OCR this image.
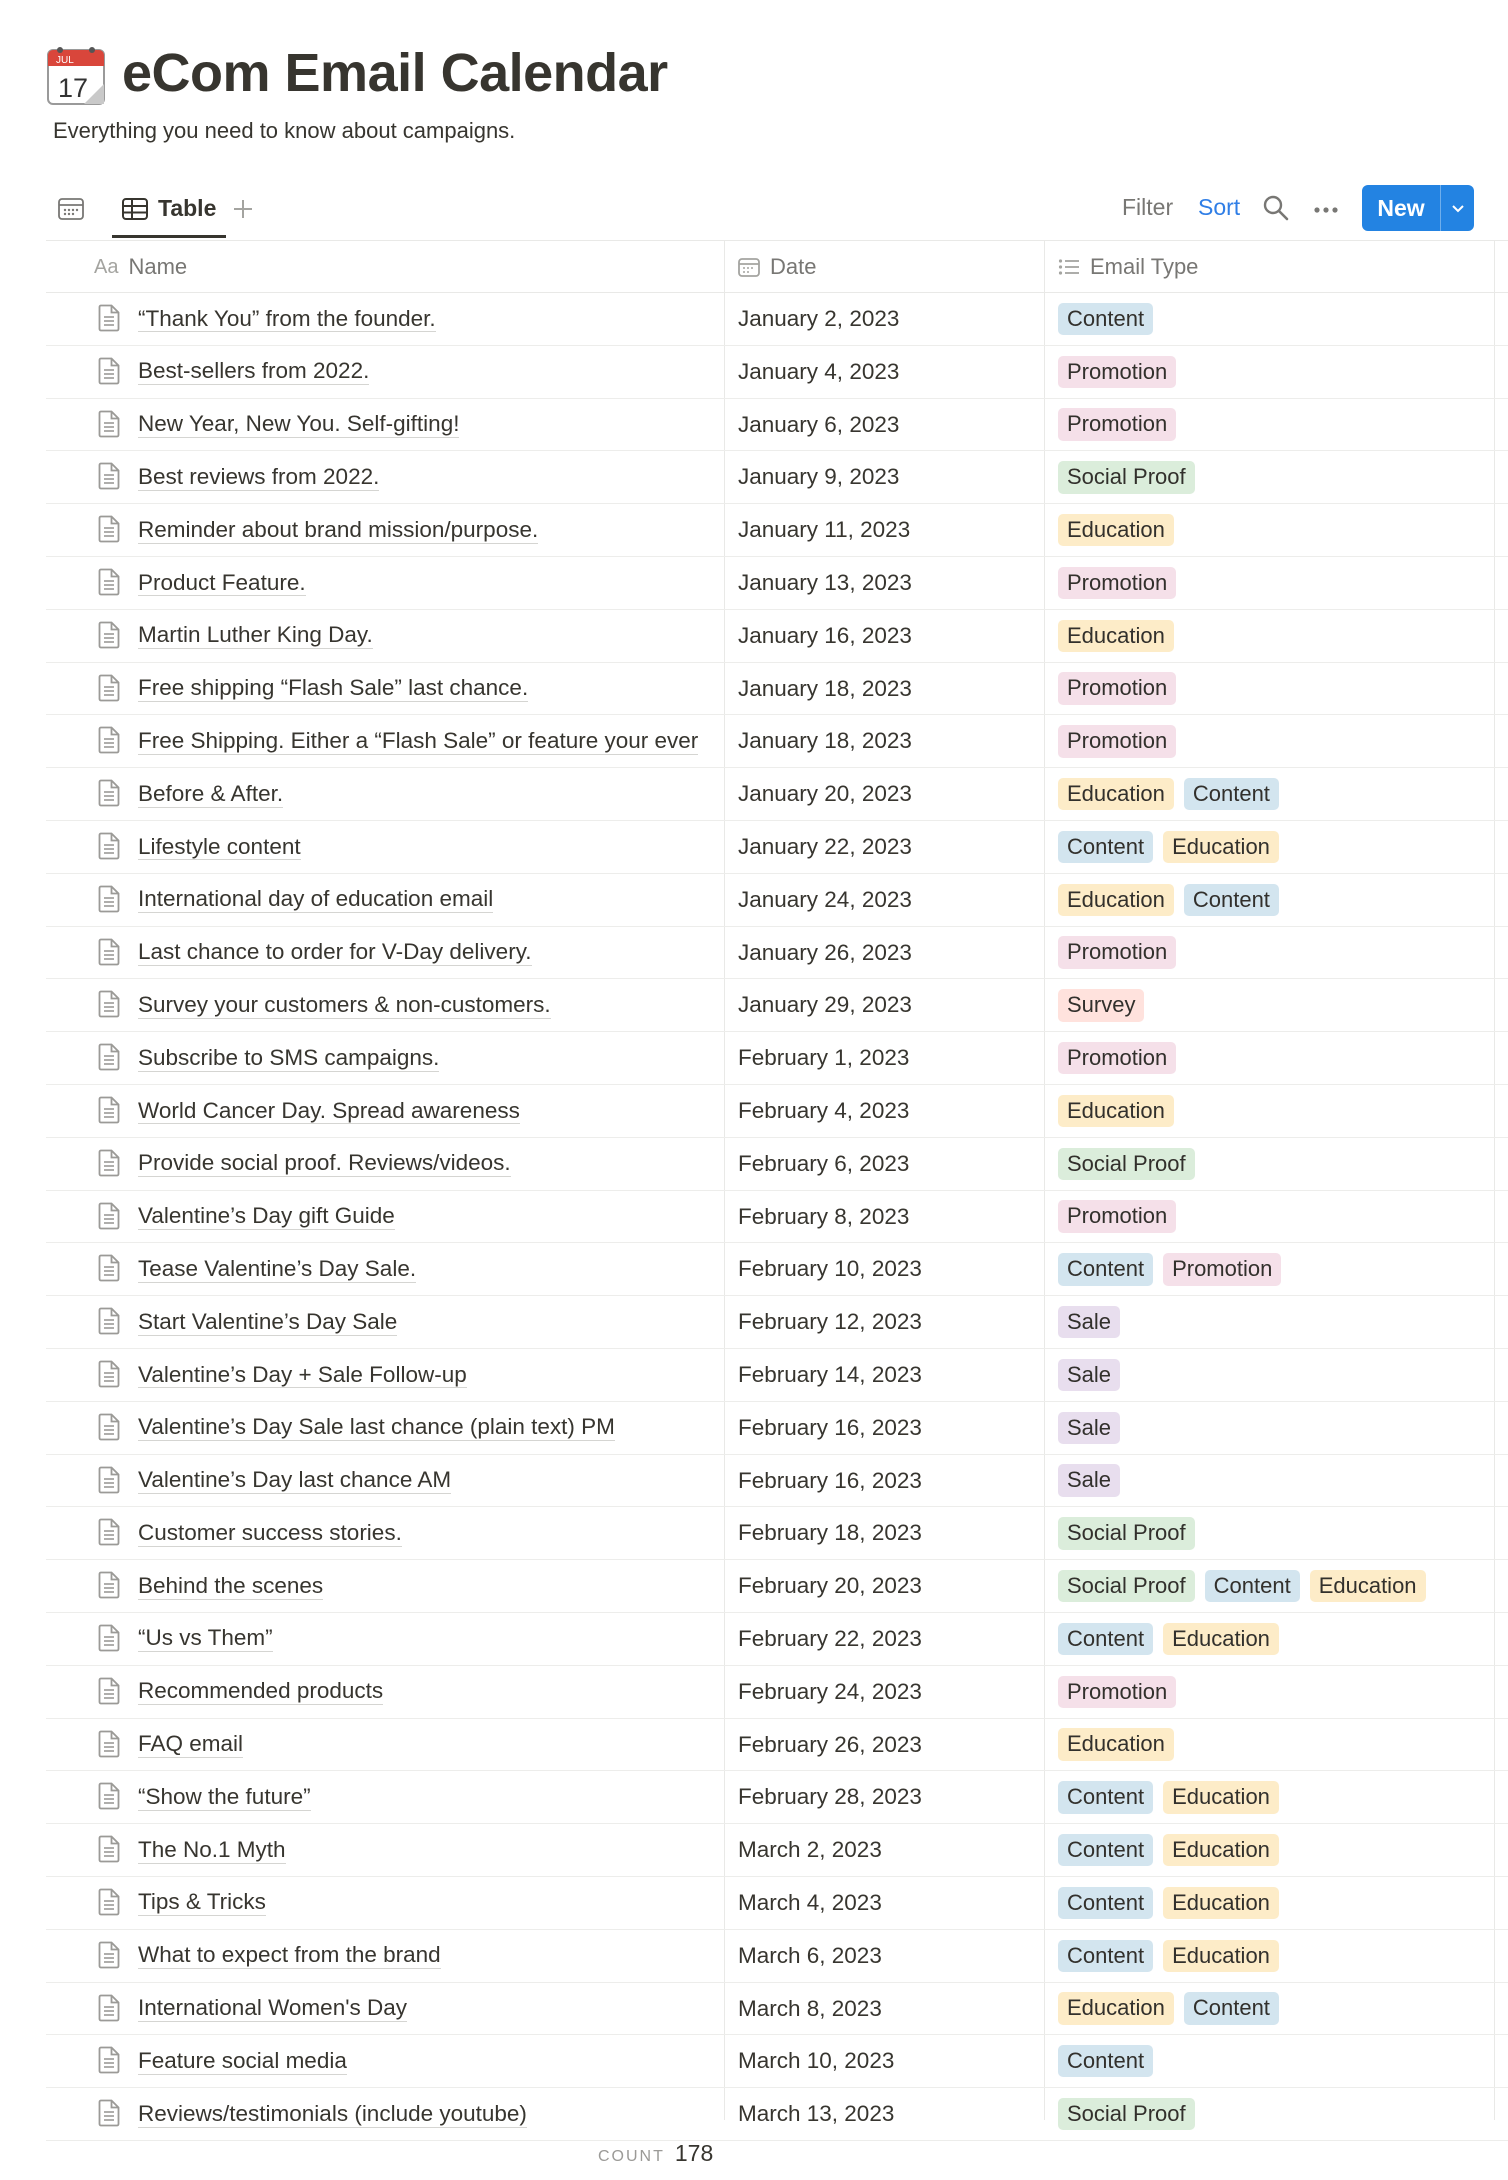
JUL
17 eCom Email Calendar
Everything you need to know about campaigns.
Table	Filter Sort	New
Aa Name	Date	Email Type
“Thank You” from the founder.	January 2, 2023	Content
Best-sellers from 2022.	January 4, 2023	Promotion
New Year, New You. Self-gifting!	January 6, 2023	Promotion
Best reviews from 2022.	January 9, 2023	Social Proof
Reminder about brand mission/purpose.	January 11, 2023	Education
Product Feature.	January 13, 2023	Promotion
Martin Luther King Day.	January 16, 2023	Education
Free shipping “Flash Sale” last chance.	January 18, 2023	Promotion
Free Shipping. Either a “Flash Sale” or feature your ever January 18, 2023	Promotion
Before & After.	January 20, 2023	Education	Content
Lifestyle content	January 22, 2023	Content	Education
International day of education email	January 24, 2023	Education	Content
Last chance to order for V-Day delivery.	January 26, 2023	Promotion
Survey your customers & non-customers.	January 29, 2023	Survey
Subscribe to SMS campaigns.	February 1, 2023	Promotion
World Cancer Day. Spread awareness	February 4, 2023	Education
Provide social proof. Reviews/videos.	February 6, 2023	Social Proof
Valentine’s Day gift Guide	February 8, 2023	Promotion
Tease Valentine’s Day Sale.	February 10, 2023	Content	Promotion
Start Valentine’s Day Sale	February 12, 2023	Sale
Valentine’s Day + Sale Follow-up	February 14, 2023	Sale
Valentine’s Day Sale last chance (plain text) PM	February 16, 2023	Sale
Valentine’s Day last chance AM	February 16, 2023	Sale
Customer success stories.	February 18, 2023	Social Proof
Behind the scenes	February 20, 2023	Social Proof	Content	Education
“Us vs Them”	February 22, 2023	Content	Education
Recommended products	February 24, 2023	Promotion
FAQ email	February 26, 2023	Education
“Show the future”	February 28, 2023	Content	Education
The No.1 Myth	March 2, 2023	Content	Education
Tips & Tricks	March 4, 2023	Content	Education
What to expect from the brand	March 6, 2023	Content	Education
International Women's Day	March 8, 2023	Education	Content
Feature social media	March 10, 2023	Content
Reviews/testimonials (include youtube)	March 13, 2023	Social Proof
COUNT 178
